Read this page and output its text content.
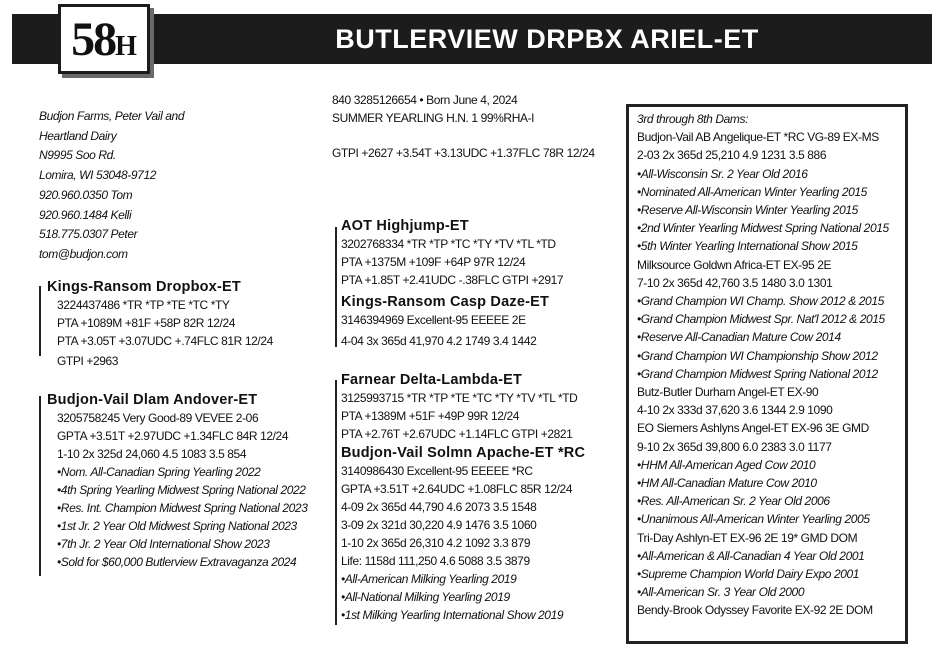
BUTLERVIEW DRPBX ARIEL-ET
58H
Budjon Farms, Peter Vail and
Heartland Dairy
N9995 Soo Rd.
Lomira, WI 53048-9712
920.960.0350 Tom
920.960.1484 Kelli
518.775.0307 Peter
tom@budjon.com
840 3285126654 • Born June 4, 2024
SUMMER YEARLING H.N. 1 99%RHA-I
GTPI +2627 +3.54T +3.13UDC +1.37FLC 78R 12/24
Kings-Ransom Dropbox-ET
3224437486 *TR *TP *TE *TC *TY
PTA +1089M +81F +58P 82R 12/24
PTA +3.05T +3.07UDC +.74FLC 81R 12/24
GTPI +2963
Budjon-Vail Dlam Andover-ET
3205758245 Very Good-89 VEVEE 2-06
GPTA +3.51T +2.97UDC +1.34FLC 84R 12/24
1-10 2x 325d 24,060 4.5 1083 3.5 854
•Nom. All-Canadian Spring Yearling 2022
•4th Spring Yearling Midwest Spring National 2022
•Res. Int. Champion Midwest Spring National 2023
•1st Jr. 2 Year Old Midwest Spring National 2023
•7th Jr. 2 Year Old International Show 2023
•Sold for $60,000 Butlerview Extravaganza 2024
AOT Highjump-ET
3202768334 *TR *TP *TC *TY *TV *TL *TD
PTA +1375M +109F +64P 97R 12/24
PTA +1.85T +2.41UDC -.38FLC GTPI +2917
Kings-Ransom Casp Daze-ET
3146394969 Excellent-95 EEEEE 2E
4-04 3x 365d 41,970 4.2 1749 3.4 1442
Farnear Delta-Lambda-ET
3125993715 *TR *TP *TE *TC *TY *TV *TL *TD
PTA +1389M +51F +49P 99R 12/24
PTA +2.76T +2.67UDC +1.14FLC GTPI +2821
Budjon-Vail Solmn Apache-ET *RC
3140986430 Excellent-95 EEEEE *RC
GPTA +3.51T +2.64UDC +1.08FLC 85R 12/24
4-09 2x 365d 44,790 4.6 2073 3.5 1548
3-09 2x 321d 30,220 4.9 1476 3.5 1060
1-10 2x 365d 26,310 4.2 1092 3.3 879
Life: 1158d 111,250 4.6 5088 3.5 3879
•All-American Milking Yearling 2019
•All-National Milking Yearling 2019
•1st Milking Yearling International Show 2019
3rd through 8th Dams:
Budjon-Vail AB Angelique-ET *RC VG-89 EX-MS
2-03 2x 365d 25,210 4.9 1231 3.5 886
•All-Wisconsin Sr. 2 Year Old 2016
•Nominated All-American Winter Yearling 2015
•Reserve All-Wisconsin Winter Yearling 2015
•2nd Winter Yearling Midwest Spring National 2015
•5th Winter Yearling International Show 2015
Milksource Goldwn Africa-ET EX-95 2E
7-10 2x 365d 42,760 3.5 1480 3.0 1301
•Grand Champion WI Champ. Show 2012 & 2015
•Grand Champion Midwest Spr. Nat'l 2012 & 2015
•Reserve All-Canadian Mature Cow 2014
•Grand Champion WI Championship Show 2012
•Grand Champion Midwest Spring National 2012
Butz-Butler Durham Angel-ET EX-90
4-10 2x 333d 37,620 3.6 1344 2.9 1090
EO Siemers Ashlyns Angel-ET EX-96 3E GMD
9-10 2x 365d 39,800 6.0 2383 3.0 1177
•HHM All-American Aged Cow 2010
•HM All-Canadian Mature Cow 2010
•Res. All-American Sr. 2 Year Old 2006
•Unanimous All-American Winter Yearling 2005
Tri-Day Ashlyn-ET EX-96 2E 19* GMD DOM
•All-American & All-Canadian 4 Year Old 2001
•Supreme Champion World Dairy Expo 2001
•All-American Sr. 3 Year Old 2000
Bendy-Brook Odyssey Favorite EX-92 2E DOM
